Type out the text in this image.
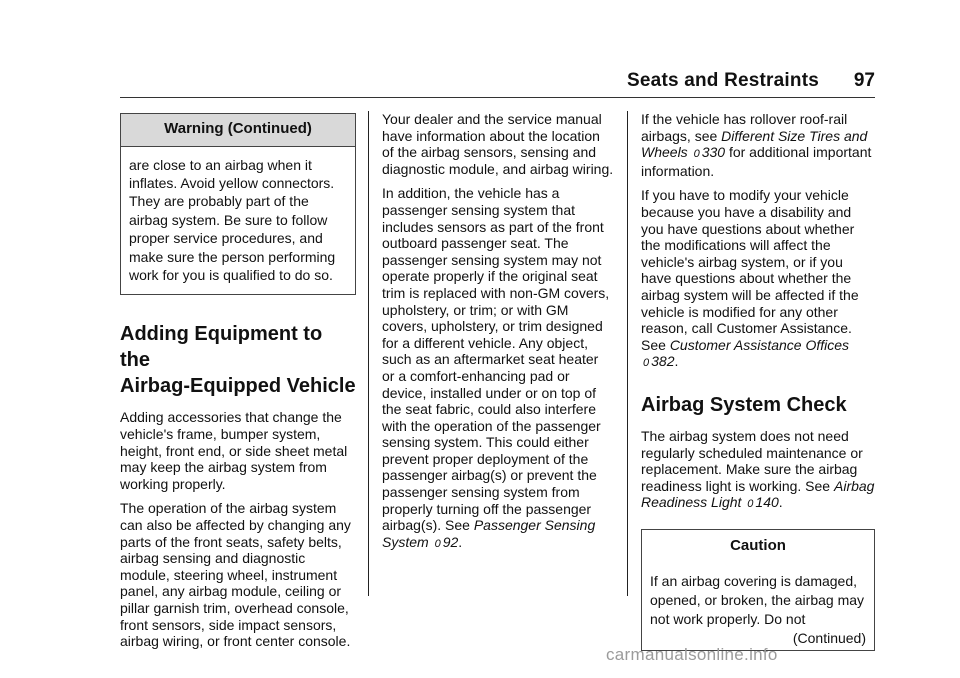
Seats and Restraints 97
Warning (Continued)
are close to an airbag when it inflates. Avoid yellow connectors. They are probably part of the airbag system. Be sure to follow proper service procedures, and make sure the person performing work for you is qualified to do so.
Adding Equipment to the
Airbag-Equipped Vehicle

Adding accessories that change the vehicle's frame, bumper system, height, front end, or side sheet metal may keep the airbag system from working properly.

The operation of the airbag system can also be affected by changing any parts of the front seats, safety belts, airbag sensing and diagnostic module, steering wheel, instrument panel, any airbag module, ceiling or pillar garnish trim, overhead console, front sensors, side impact sensors, airbag wiring, or front center console.

Your dealer and the service manual have information about the location of the airbag sensors, sensing and diagnostic module, and airbag wiring.

In addition, the vehicle has a passenger sensing system that includes sensors as part of the front outboard passenger seat. The passenger sensing system may not operate properly if the original seat trim is replaced with non-GM covers, upholstery, or trim; or with GM covers, upholstery, or trim designed for a different vehicle. Any object, such as an aftermarket seat heater or a comfort-enhancing pad or device, installed under or on top of the seat fabric, could also interfere with the operation of the passenger sensing system. This could either prevent proper deployment of the passenger airbag(s) or prevent the passenger sensing system from properly turning off the passenger airbag(s). See Passenger Sensing System 0 92.

If the vehicle has rollover roof-rail airbags, see Different Size Tires and Wheels 0 330 for additional important information.

If you have to modify your vehicle because you have a disability and you have questions about whether the modifications will affect the vehicle's airbag system, or if you have questions about whether the airbag system will be affected if the vehicle is modified for any other reason, call Customer Assistance. See Customer Assistance Offices 0 382.

Airbag System Check

The airbag system does not need regularly scheduled maintenance or replacement. Make sure the airbag readiness light is working. See Airbag Readiness Light 0 140.

Caution
If an airbag covering is damaged, opened, or broken, the airbag may not work properly. Do not
(Continued)
carmanualsonline.info
